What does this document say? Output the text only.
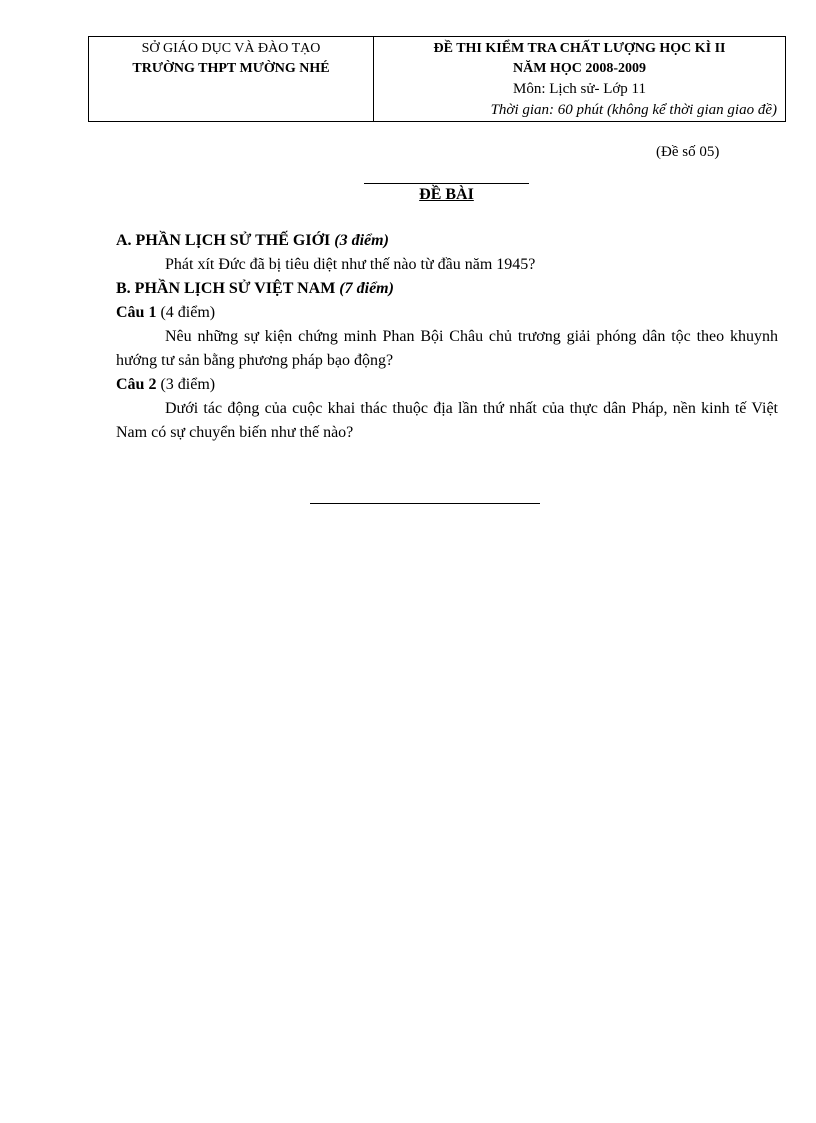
SỞ GIÁO DỤC VÀ ĐÀO TẠO
TRƯỜNG THPT MƯỜNG NHÉ

ĐỀ THI KIỂM TRA CHẤT LƯỢNG HỌC KÌ II
NĂM HỌC 2008-2009
Môn: Lịch sử- Lớp 11
Thời gian: 60 phút (không kể thời gian giao đề)
(Đề số 05)
ĐỀ BÀI

A. PHẦN LỊCH SỬ THẾ GIỚI (3 điểm)

Phát xít Đức đã bị tiêu diệt như thế nào từ đầu năm 1945?

B. PHẦN LỊCH SỬ VIỆT NAM (7 điểm)

Câu 1 (4 điểm)

Nêu những sự kiện chứng minh Phan Bội Châu chủ trương giải phóng dân tộc theo khuynh hướng tư sản bằng phương pháp bạo động?

Câu 2 (3 điểm)

Dưới tác động của cuộc khai thác thuộc địa lần thứ nhất của thực dân Pháp, nền kinh tế Việt Nam có sự chuyển biến như thế nào?
